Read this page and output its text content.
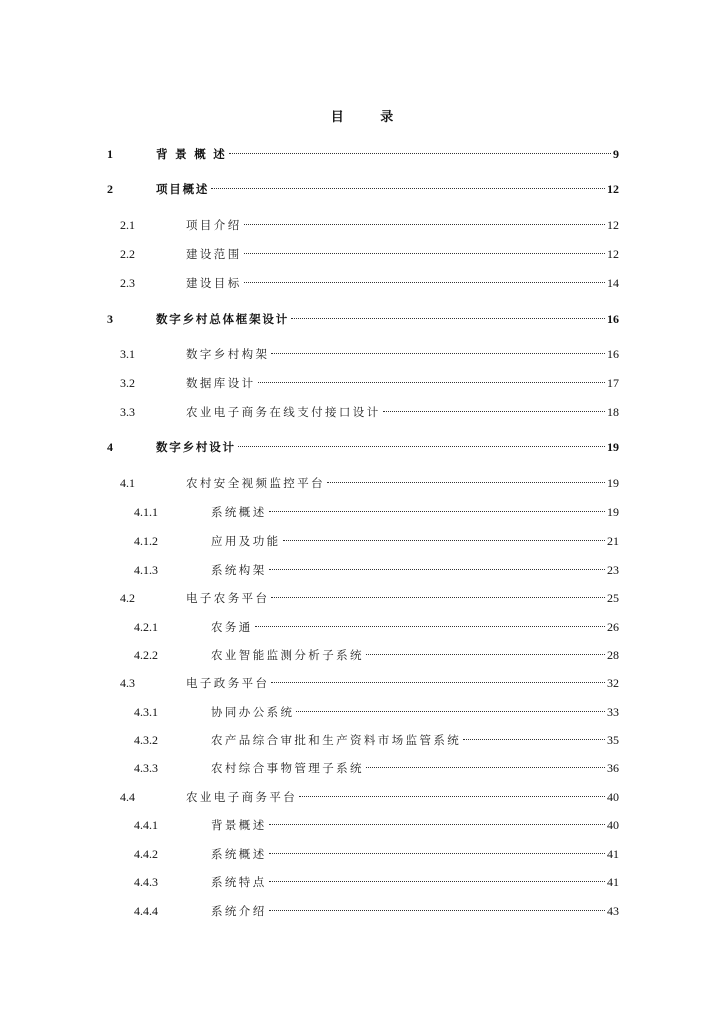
目 录
1	背 景 概 述	9
2	项目概述	12
2.1	项目介绍	12
2.2	建设范围	12
2.3	建设目标	14
3	数字乡村总体框架设计	16
3.1	数字乡村构架	16
3.2	数据库设计	17
3.3	农业电子商务在线支付接口设计	18
4	数字乡村设计	19
4.1	农村安全视频监控平台	19
4.1.1	系统概述	19
4.1.2	应用及功能	21
4.1.3	系统构架	23
4.2	电子农务平台	25
4.2.1	农务通	26
4.2.2	农业智能监测分析子系统	28
4.3	电子政务平台	32
4.3.1	协同办公系统	33
4.3.2	农产品综合审批和生产资料市场监管系统	35
4.3.3	农村综合事物管理子系统	36
4.4	农业电子商务平台	40
4.4.1	背景概述	40
4.4.2	系统概述	41
4.4.3	系统特点	41
4.4.4	系统介绍	43
